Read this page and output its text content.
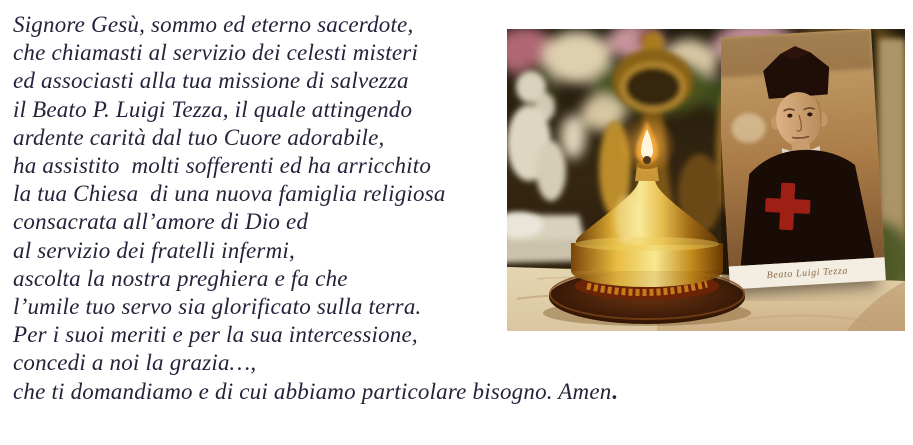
Signore Gesù, sommo ed eterno sacerdote,
che chiamasti al servizio dei celesti misteri
ed associasti alla tua missione di salvezza
il Beato P. Luigi Tezza, il quale attingendo
ardente carità dal tuo Cuore adorabile,
ha assistito  molti sofferenti ed ha arricchito
la tua Chiesa  di una nuova famiglia religiosa
consacrata all’amore di Dio ed
al servizio dei fratelli infermi,
ascolta la nostra preghiera e fa che
l’umile tuo servo sia glorificato sulla terra.
Per i suoi meriti e per la sua intercessione,
concedi a noi la grazia…,
che ti domandiamo e di cui abbiamo particolare bisogno. Amen.
Beato Luigi Tezza
